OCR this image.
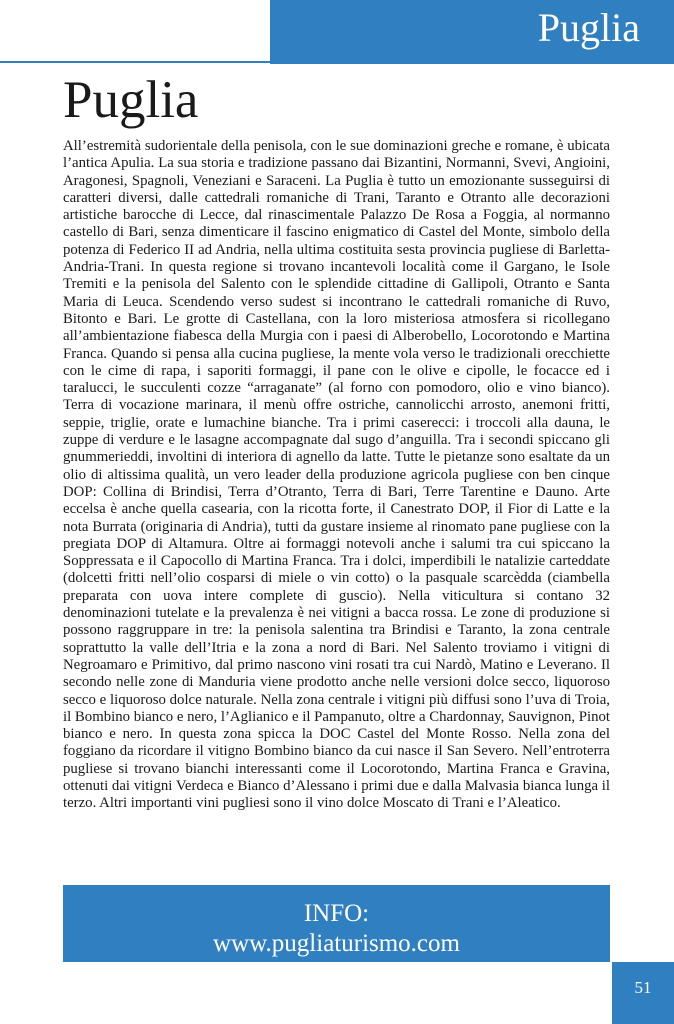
Puglia
Puglia

All’estremità sudorientale della penisola, con le sue dominazioni greche e romane, è ubicata l’antica Apulia. La sua storia e tradizione passano dai Bizantini, Normanni, Svevi, Angioini, Aragonesi, Spagnoli, Veneziani e Saraceni. La Puglia è tutto un emozionante susseguirsi di caratteri diversi, dalle cattedrali romaniche di Trani, Taranto e Otranto alle decorazioni artistiche barocche di Lecce, dal rinascimentale Palazzo De Rosa a Foggia, al normanno castello di Bari, senza dimenticare il fascino enigmatico di Castel del Monte, simbolo della potenza di Federico II ad Andria, nella ultima costituita sesta provincia pugliese di Barletta-Andria-Trani. In questa regione si trovano incantevoli località come il Gargano, le Isole Tremiti e la penisola del Salento con le splendide cittadine di Gallipoli, Otranto e Santa Maria di Leuca. Scendendo verso sudest si incontrano le cattedrali romaniche di Ruvo, Bitonto e Bari. Le grotte di Castellana, con la loro misteriosa atmosfera si ricollegano all’ambientazione fiabesca della Murgia con i paesi di Alberobello, Locorotondo e Martina Franca. Quando si pensa alla cucina pugliese, la mente vola verso le tradizionali orecchiette con le cime di rapa, i saporiti formaggi, il pane con le olive e cipolle, le focacce ed i taralucci, le succulenti cozze “arraganate” (al forno con pomodoro, olio e vino bianco). Terra di vocazione marinara, il menù offre ostriche, cannolicchi arrosto, anemoni fritti, seppie, triglie, orate e lumachine bianche. Tra i primi caserecci: i troccoli alla dauna, le zuppe di verdure e le lasagne accompagnate dal sugo d’anguilla. Tra i secondi spiccano gli gnummerieddi, involtini di interiora di agnello da latte. Tutte le pietanze sono esaltate da un olio di altissima qualità, un vero leader della produzione agricola pugliese con ben cinque DOP: Collina di Brindisi, Terra d’Otranto, Terra di Bari, Terre Tarentine e Dauno. Arte eccelsa è anche quella casearia, con la ricotta forte, il Canestrato DOP, il Fior di Latte e la nota Burrata (originaria di Andria), tutti da gustare insieme al rinomato pane pugliese con la pregiata DOP di Altamura. Oltre ai formaggi notevoli anche i salumi tra cui spiccano la Soppressata e il Capocollo di Martina Franca. Tra i dolci, imperdibili le natalizie carteddate (dolcetti fritti nell’olio cosparsi di miele o vin cotto) o la pasquale scarcèdda (ciambella preparata con uova intere complete di guscio). Nella viticultura si contano 32 denominazioni tutelate e la prevalenza è nei vitigni a bacca rossa. Le zone di produzione si possono raggruppare in tre: la penisola salentina tra Brindisi e Taranto, la zona centrale soprattutto la valle dell’Itria e la zona a nord di Bari. Nel Salento troviamo i vitigni di Negroamaro e Primitivo, dal primo nascono vini rosati tra cui Nardò, Matino e Leverano. Il secondo nelle zone di Manduria viene prodotto anche nelle versioni dolce secco, liquoroso secco e liquoroso dolce naturale. Nella zona centrale i vitigni più diffusi sono l’uva di Troia, il Bombino bianco e nero, l’Aglianico e il Pampanuto, oltre a Chardonnay, Sauvignon, Pinot bianco e nero. In questa zona spicca la DOC Castel del Monte Rosso. Nella zona del foggiano da ricordare il vitigno Bombino bianco da cui nasce il San Severo. Nell’entroterra pugliese si trovano bianchi interessanti come il Locorotondo, Martina Franca e Gravina, ottenuti dai vitigni Verdeca e Bianco d’Alessano i primi due e dalla Malvasia bianca lunga il terzo. Altri importanti vini pugliesi sono il vino dolce Moscato di Trani e l’Aleatico.

INFO:
www.pugliaturismo.com
51
